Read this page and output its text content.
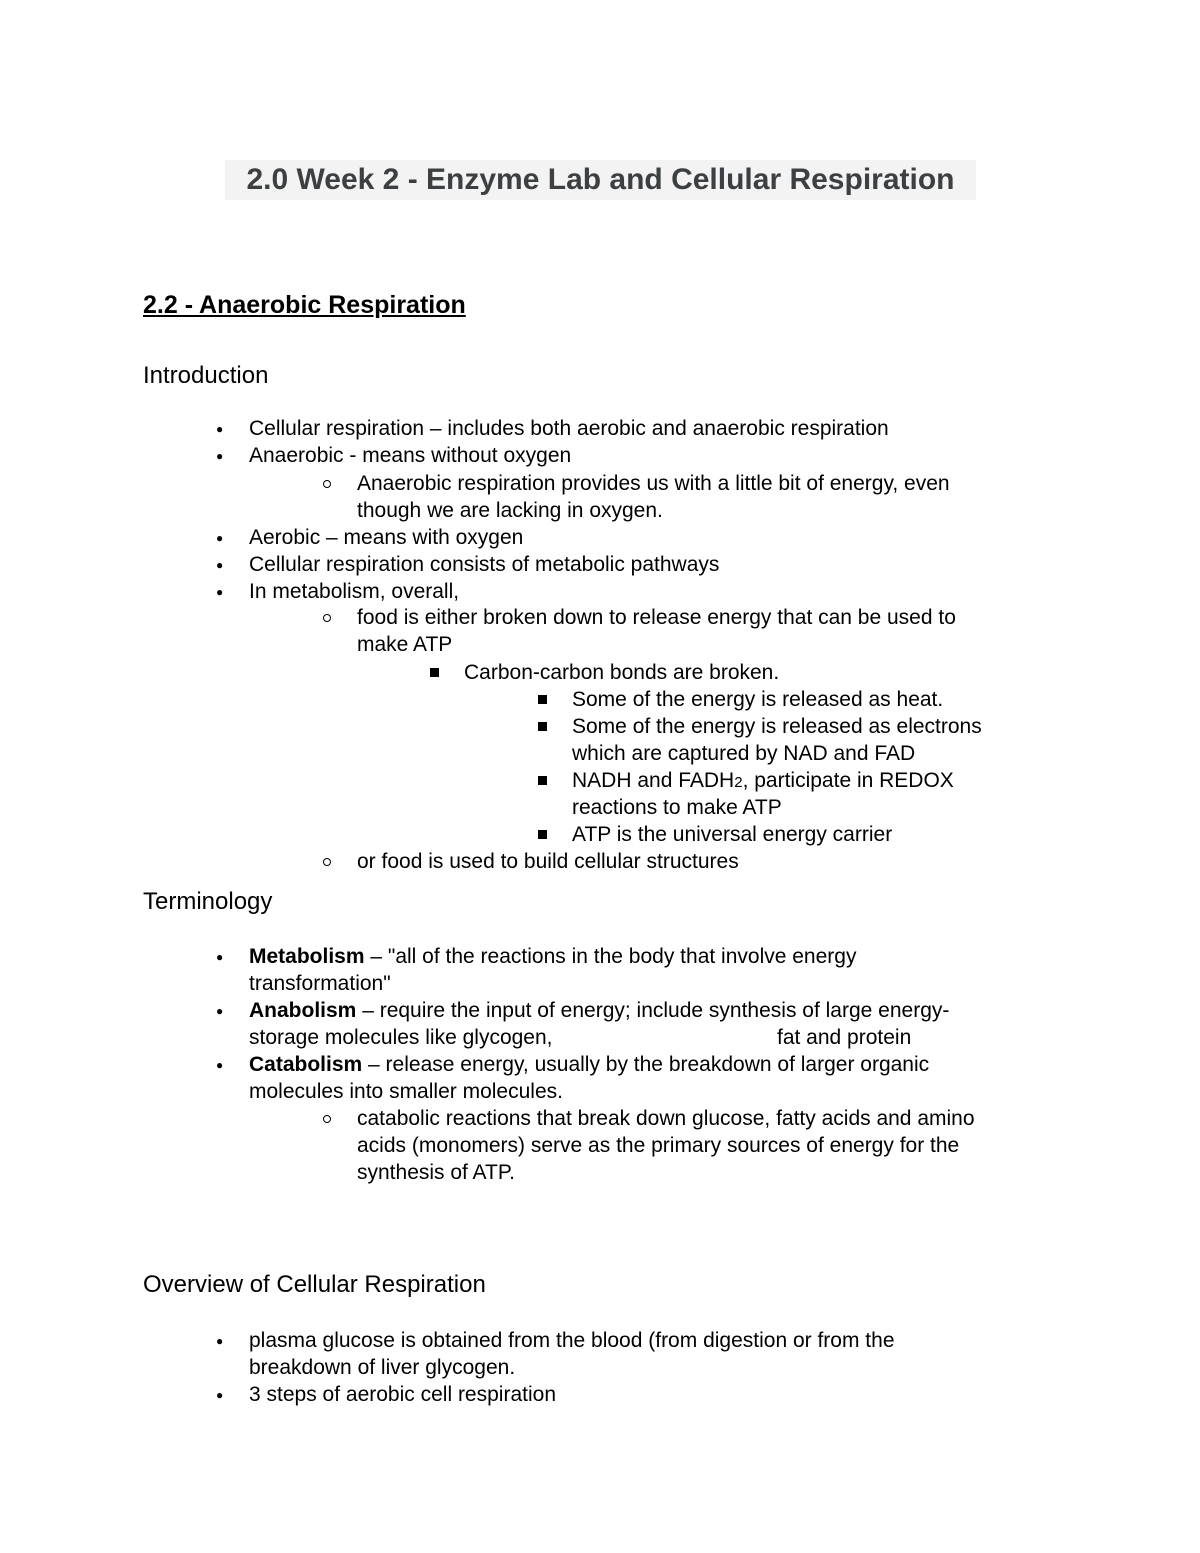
2.0 Week 2 - Enzyme Lab and Cellular Respiration
2.2 - Anaerobic Respiration
Introduction
● Cellular respiration – includes both aerobic and anaerobic respiration
● Anaerobic - means without oxygen
Anaerobic respiration provides us with a little bit of energy, even
though we are lacking in oxygen.
● Aerobic – means with oxygen
● Cellular respiration consists of metabolic pathways
● In metabolism, overall,
food is either broken down to release energy that can be used to
make ATP
Carbon-carbon bonds are broken.
Some of the energy is released as heat.
Some of the energy is released as electrons
which are captured by NAD and FAD
NADH and FADH2, participate in REDOX
reactions to make ATP
ATP is the universal energy carrier
or food is used to build cellular structures
Terminology
● Metabolism – "all of the reactions in the body that involve energy
transformation"
● Anabolism – require the input of energy; include synthesis of large energy-
storage molecules like glycogen,	fat and protein
● Catabolism – release energy, usually by the breakdown of larger organic
molecules into smaller molecules.
catabolic reactions that break down glucose, fatty acids and amino
acids (monomers) serve as the primary sources of energy for the
synthesis of ATP.
Overview of Cellular Respiration
● plasma glucose is obtained from the blood (from digestion or from the
breakdown of liver glycogen.
● 3 steps of aerobic cell respiration
